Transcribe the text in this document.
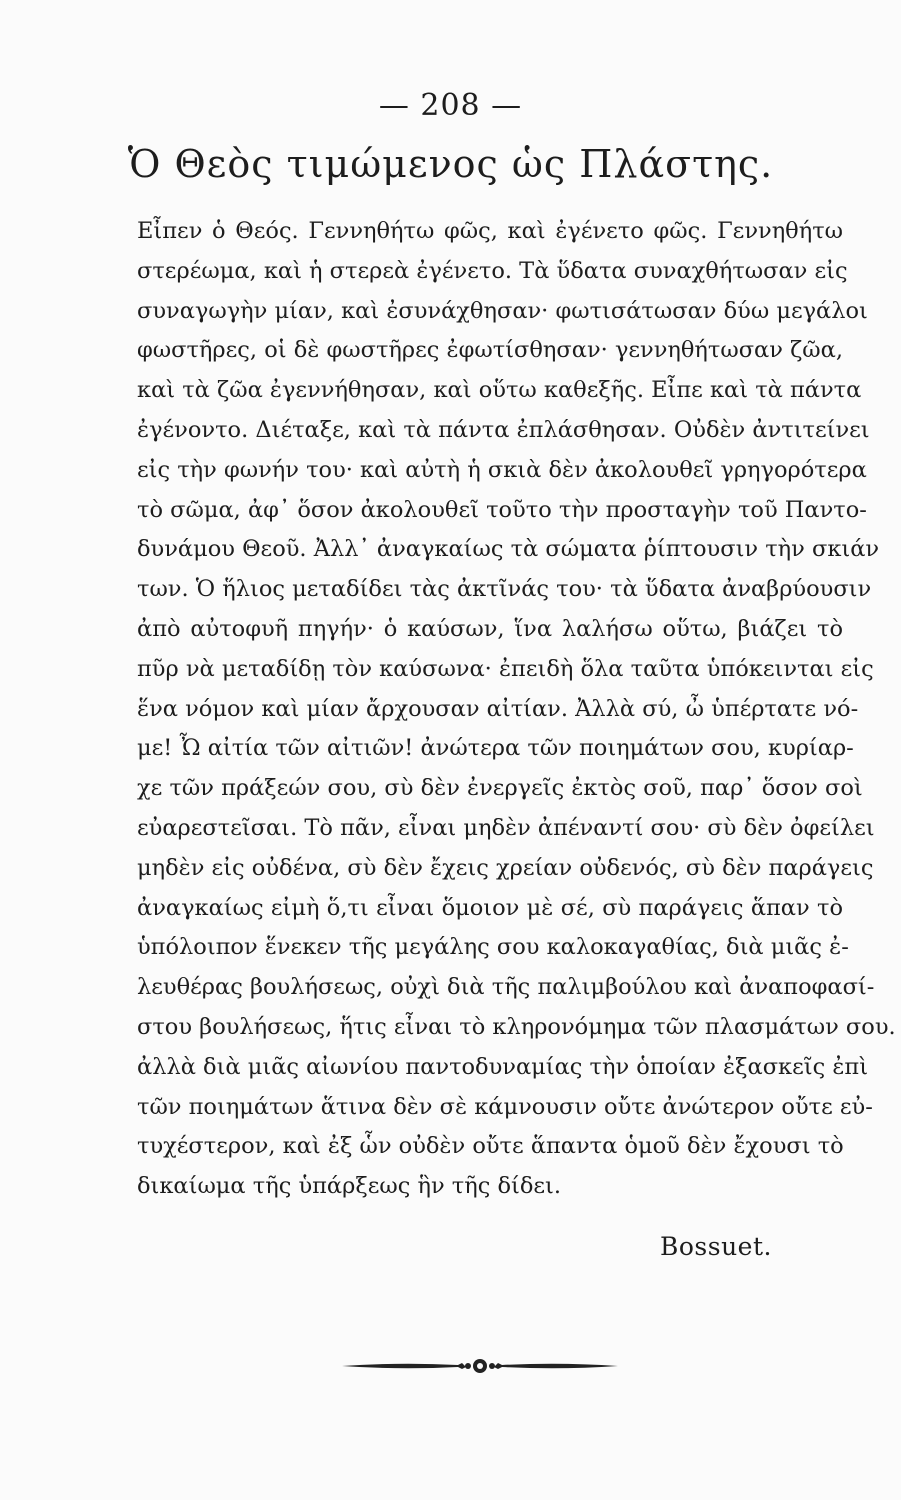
— 208 —
Ὁ Θεὸς τιμώμενος ὡς Πλάστης.
Εἶπεν ὁ Θεός. Γεννηθήτω φῶς, καὶ ἐγένετο φῶς. Γεννηθήτω
στερέωμα, καὶ ἡ στερεὰ ἐγένετο. Τὰ ὕδατα συναχθήτωσαν εἰς
συναγωγὴν μίαν, καὶ ἐσυνάχθησαν· φωτισάτωσαν δύω μεγάλοι
φωστῆρες, οἱ δὲ φωστῆρες ἐφωτίσθησαν· γεννηθήτωσαν ζῶα,
καὶ τὰ ζῶα ἐγεννήθησαν, καὶ οὕτω καθεξῆς. Εἶπε καὶ τὰ πάντα
ἐγένοντο. Διέταξε, καὶ τὰ πάντα ἐπλάσθησαν. Οὐδὲν ἀντιτείνει
εἰς τὴν φωνήν του· καὶ αὐτὴ ἡ σκιὰ δὲν ἀκολουθεῖ γρηγορότερα
τὸ σῶμα, ἀφ᾽ ὅσον ἀκολουθεῖ τοῦτο τὴν προσταγὴν τοῦ Παντο-
δυνάμου Θεοῦ. Ἀλλ᾽ ἀναγκαίως τὰ σώματα ῥίπτουσιν τὴν σκιάν
των. Ὁ ἥλιος μεταδίδει τὰς ἀκτῖνάς του· τὰ ὕδατα ἀναβρύουσιν
ἀπὸ αὐτοφυῆ πηγήν· ὁ καύσων, ἵνα λαλήσω οὕτω, βιάζει τὸ
πῦρ νὰ μεταδίδῃ τὸν καύσωνα· ἐπειδὴ ὅλα ταῦτα ὑπόκεινται εἰς
ἕνα νόμον καὶ μίαν ἄρχουσαν αἰτίαν. Ἀλλὰ σύ, ὦ ὑπέρτατε νό-
με! Ὦ αἰτία τῶν αἰτιῶν! ἀνώτερα τῶν ποιημάτων σου, κυρίαρ-
χε τῶν πράξεών σου, σὺ δὲν ἐνεργεῖς ἐκτὸς σοῦ, παρ᾽ ὅσον σοὶ
εὐαρεστεῖσαι. Τὸ πᾶν, εἶναι μηδὲν ἀπέναντί σου· σὺ δὲν ὀφείλει
μηδὲν εἰς οὐδένα, σὺ δὲν ἔχεις χρείαν οὐδενός, σὺ δὲν παράγεις
ἀναγκαίως εἰμὴ ὅ,τι εἶναι ὅμοιον μὲ σέ, σὺ παράγεις ἅπαν τὸ
ὑπόλοιπον ἕνεκεν τῆς μεγάλης σου καλοκαγαθίας, διὰ μιᾶς ἐ-
λευθέρας βουλήσεως, οὐχὶ διὰ τῆς παλιμβούλου καὶ ἀναποφασί-
στου βουλήσεως, ἥτις εἶναι τὸ κληρονόμημα τῶν πλασμάτων σου.
ἀλλὰ διὰ μιᾶς αἰωνίου παντοδυναμίας τὴν ὁποίαν ἐξασκεῖς ἐπὶ
τῶν ποιημάτων ἅτινα δὲν σὲ κάμνουσιν οὔτε ἀνώτερον οὔτε εὐ-
τυχέστερον, καὶ ἐξ ὧν οὐδὲν οὔτε ἅπαντα ὁμοῦ δὲν ἔχουσι τὸ
δικαίωμα τῆς ὑπάρξεως ἣν τῆς δίδει.
Bossuet.
